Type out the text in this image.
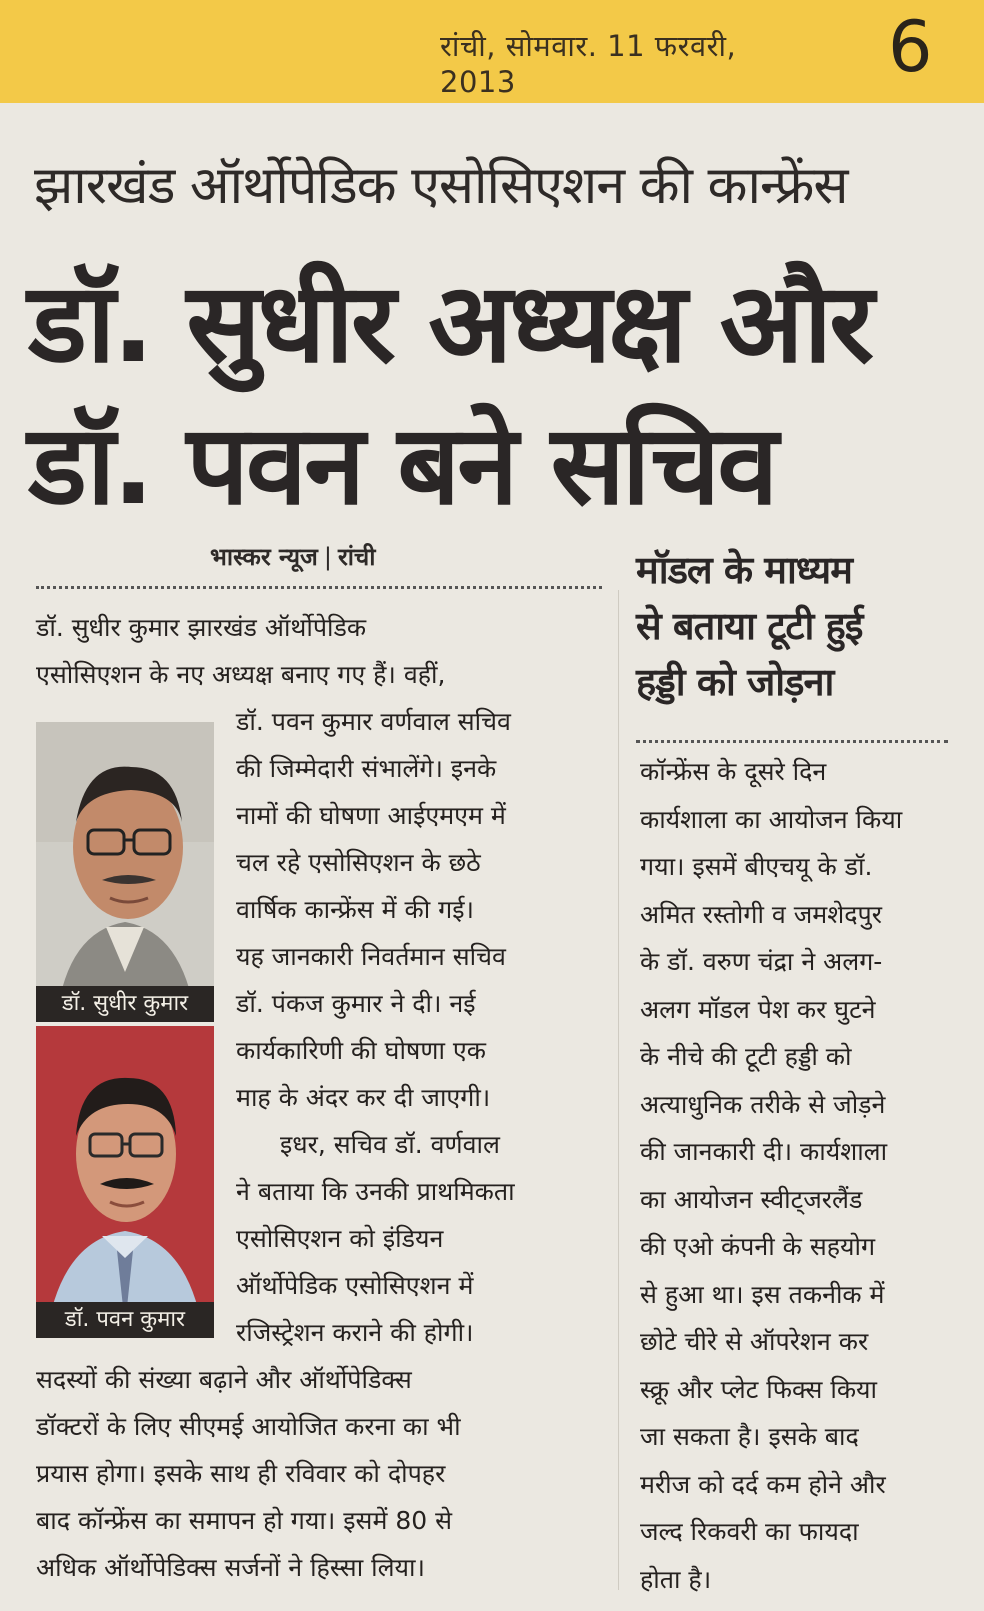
रांची, सोमवार. 11 फरवरी, 2013	6
झारखंड ऑर्थोपेडिक एसोसिएशन की कान्फ्रेंस
डॉ. सुधीर अध्यक्ष और
डॉ. पवन बने सचिव
भास्कर न्यूज | रांची
डॉ. सुधीर कुमार झारखंड ऑर्थोपेडिक
एसोसिएशन के नए अध्यक्ष बनाए गए हैं। वहीं,
डॉ. सुधीर कुमार
डॉ. पवन कुमार
डॉ. पवन कुमार वर्णवाल सचिव
की जिम्मेदारी संभालेंगे। इनके
नामों की घोषणा आईएमएम में
चल रहे एसोसिएशन के छठे
वार्षिक कान्फ्रेंस में की गई।
यह जानकारी निवर्तमान सचिव
डॉ. पंकज कुमार ने दी। नई
कार्यकारिणी की घोषणा एक
माह के अंदर कर दी जाएगी।
इधर, सचिव डॉ. वर्णवाल
ने बताया कि उनकी प्राथमिकता
एसोसिएशन को इंडियन
ऑर्थोपेडिक एसोसिएशन में
रजिस्ट्रेशन कराने की होगी।
सदस्यों की संख्या बढ़ाने और ऑर्थोपेडिक्स
डॉक्टरों के लिए सीएमई आयोजित करना का भी
प्रयास होगा। इसके साथ ही रविवार को दोपहर
बाद कॉन्फ्रेंस का समापन हो गया। इसमें 80 से
अधिक ऑर्थोपेडिक्स सर्जनों ने हिस्सा लिया।
मॉडल के माध्यम
से बताया टूटी हुई
हड्डी को जोड़ना
कॉन्फ्रेंस के दूसरे दिन
कार्यशाला का आयोजन किया
गया। इसमें बीएचयू के डॉ.
अमित रस्तोगी व जमशेदपुर
के डॉ. वरुण चंद्रा ने अलग-
अलग मॉडल पेश कर घुटने
के नीचे की टूटी हड्डी को
अत्याधुनिक तरीके से जोड़ने
की जानकारी दी। कार्यशाला
का आयोजन स्वीट्जरलैंड
की एओ कंपनी के सहयोग
से हुआ था। इस तकनीक में
छोटे चीरे से ऑपरेशन कर
स्क्रू और प्लेट फिक्स किया
जा सकता है। इसके बाद
मरीज को दर्द कम होने और
जल्द रिकवरी का फायदा
होता है।
